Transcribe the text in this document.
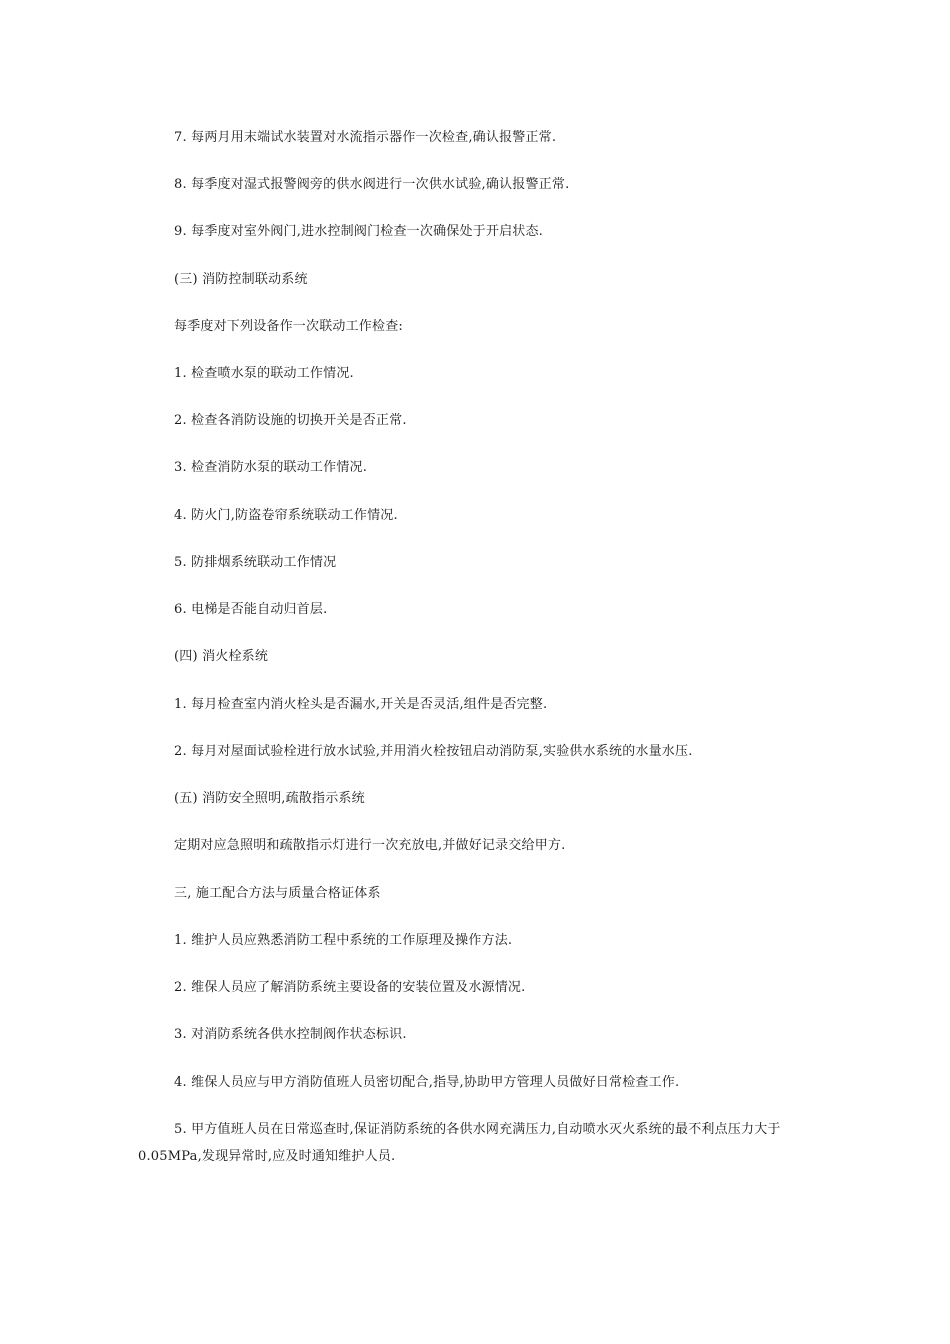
7. 每两月用末端试水装置对水流指示器作一次检查,确认报警正常.
8. 每季度对湿式报警阀旁的供水阀进行一次供水试验,确认报警正常.
9. 每季度对室外阀门,进水控制阀门检查一次确保处于开启状态.
(三) 消防控制联动系统
每季度对下列设备作一次联动工作检查:
1. 检查喷水泵的联动工作情况.
2. 检查各消防设施的切换开关是否正常.
3. 检查消防水泵的联动工作情况.
4. 防火门,防盗卷帘系统联动工作情况.
5. 防排烟系统联动工作情况
6. 电梯是否能自动归首层.
(四) 消火栓系统
1. 每月检查室内消火栓头是否漏水,开关是否灵活,组件是否完整.
2. 每月对屋面试验栓进行放水试验,并用消火栓按钮启动消防泵,实验供水系统的水量水压.
(五) 消防安全照明,疏散指示系统
定期对应急照明和疏散指示灯进行一次充放电,并做好记录交给甲方.
三, 施工配合方法与质量合格证体系
1. 维护人员应熟悉消防工程中系统的工作原理及操作方法.
2. 维保人员应了解消防系统主要设备的安装位置及水源情况.
3. 对消防系统各供水控制阀作状态标识.
4. 维保人员应与甲方消防值班人员密切配合,指导,协助甲方管理人员做好日常检查工作.
5. 甲方值班人员在日常巡查时,保证消防系统的各供水网充满压力,自动喷水灭火系统的最不利点压力大于0.05MPa,发现异常时,应及时通知维护人员.
